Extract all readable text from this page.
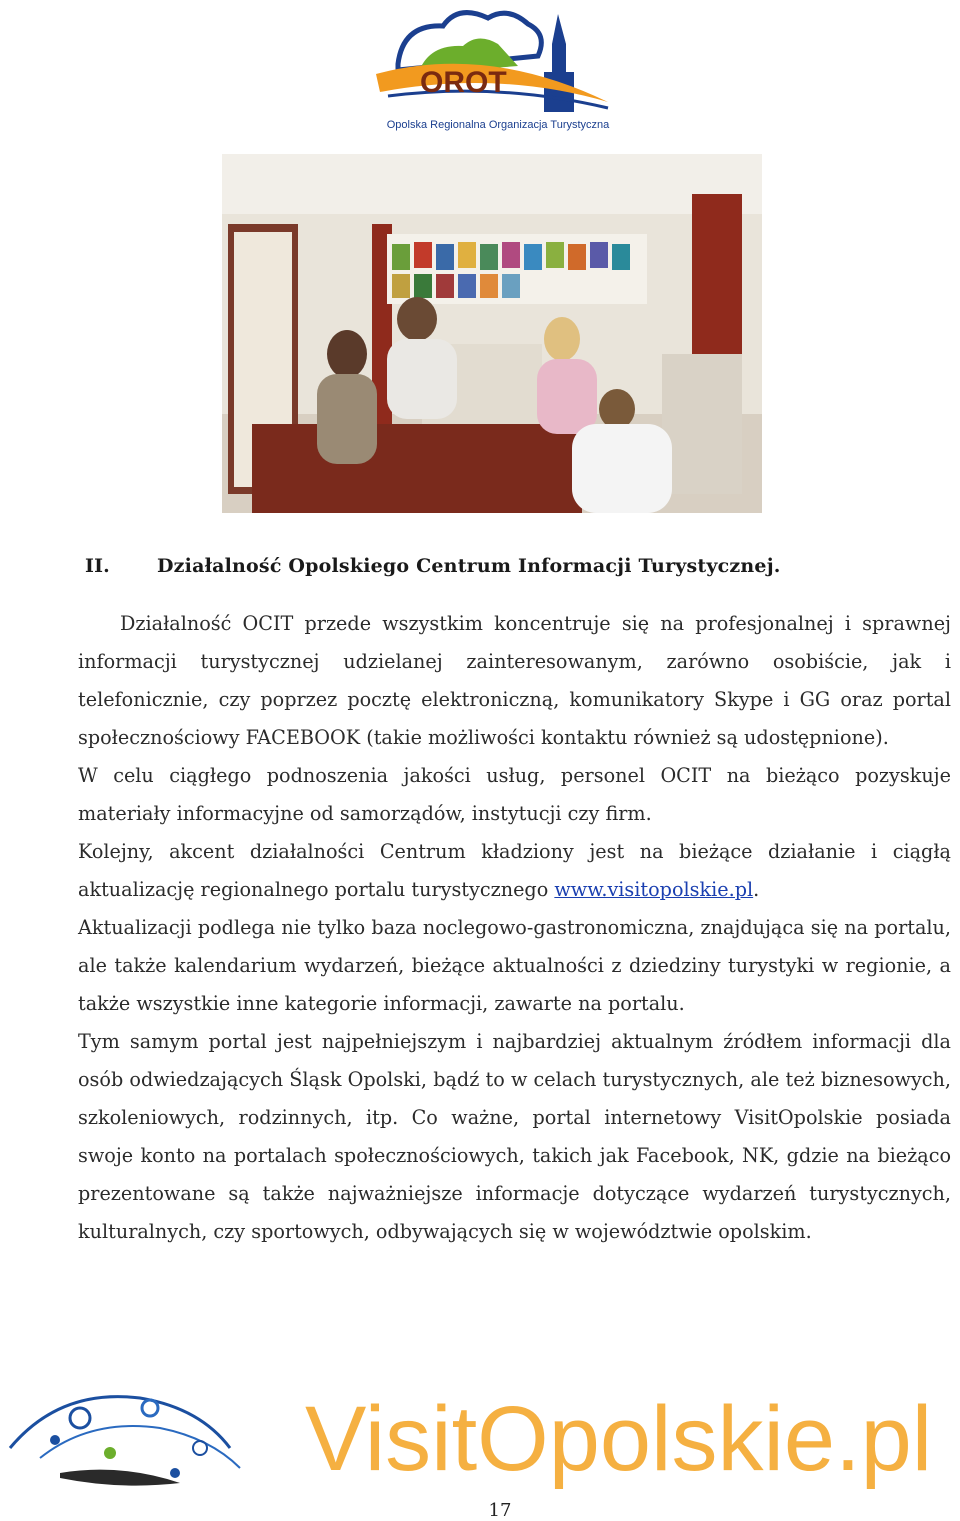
OROT
Opolska Regionalna Organizacja Turystyczna
II. Działalność Opolskiego Centrum Informacji Turystycznej.

Działalność OCIT przede wszystkim koncentruje się na profesjonalnej i sprawnej informacji turystycznej udzielanej zainteresowanym, zarówno osobiście, jak i telefonicznie, czy poprzez pocztę elektroniczną, komunikatory Skype i GG oraz portal społecznościowy FACEBOOK (takie możliwości kontaktu również są udostępnione).

W celu ciągłego podnoszenia jakości usług, personel OCIT na bieżąco pozyskuje materiały informacyjne od samorządów, instytucji czy firm.

Kolejny, akcent działalności Centrum kładziony jest na bieżące działanie i ciągłą aktualizację regionalnego portalu turystycznego www.visitopolskie.pl.

Aktualizacji podlega nie tylko baza noclegowo-gastronomiczna, znajdująca się na portalu, ale także kalendarium wydarzeń, bieżące aktualności z dziedziny turystyki w regionie, a także wszystkie inne kategorie informacji, zawarte na portalu.

Tym samym portal jest najpełniejszym i najbardziej aktualnym źródłem informacji dla osób odwiedzających Śląsk Opolski, bądź to w celach turystycznych, ale też biznesowych, szkoleniowych, rodzinnych, itp. Co ważne, portal internetowy VisitOpolskie posiada swoje konto na portalach społecznościowych, takich jak Facebook, NK, gdzie na bieżąco prezentowane są także najważniejsze informacje dotyczące wydarzeń turystycznych, kulturalnych, czy sportowych, odbywających się w województwie opolskim.

VisitOpolskie.pl
17
